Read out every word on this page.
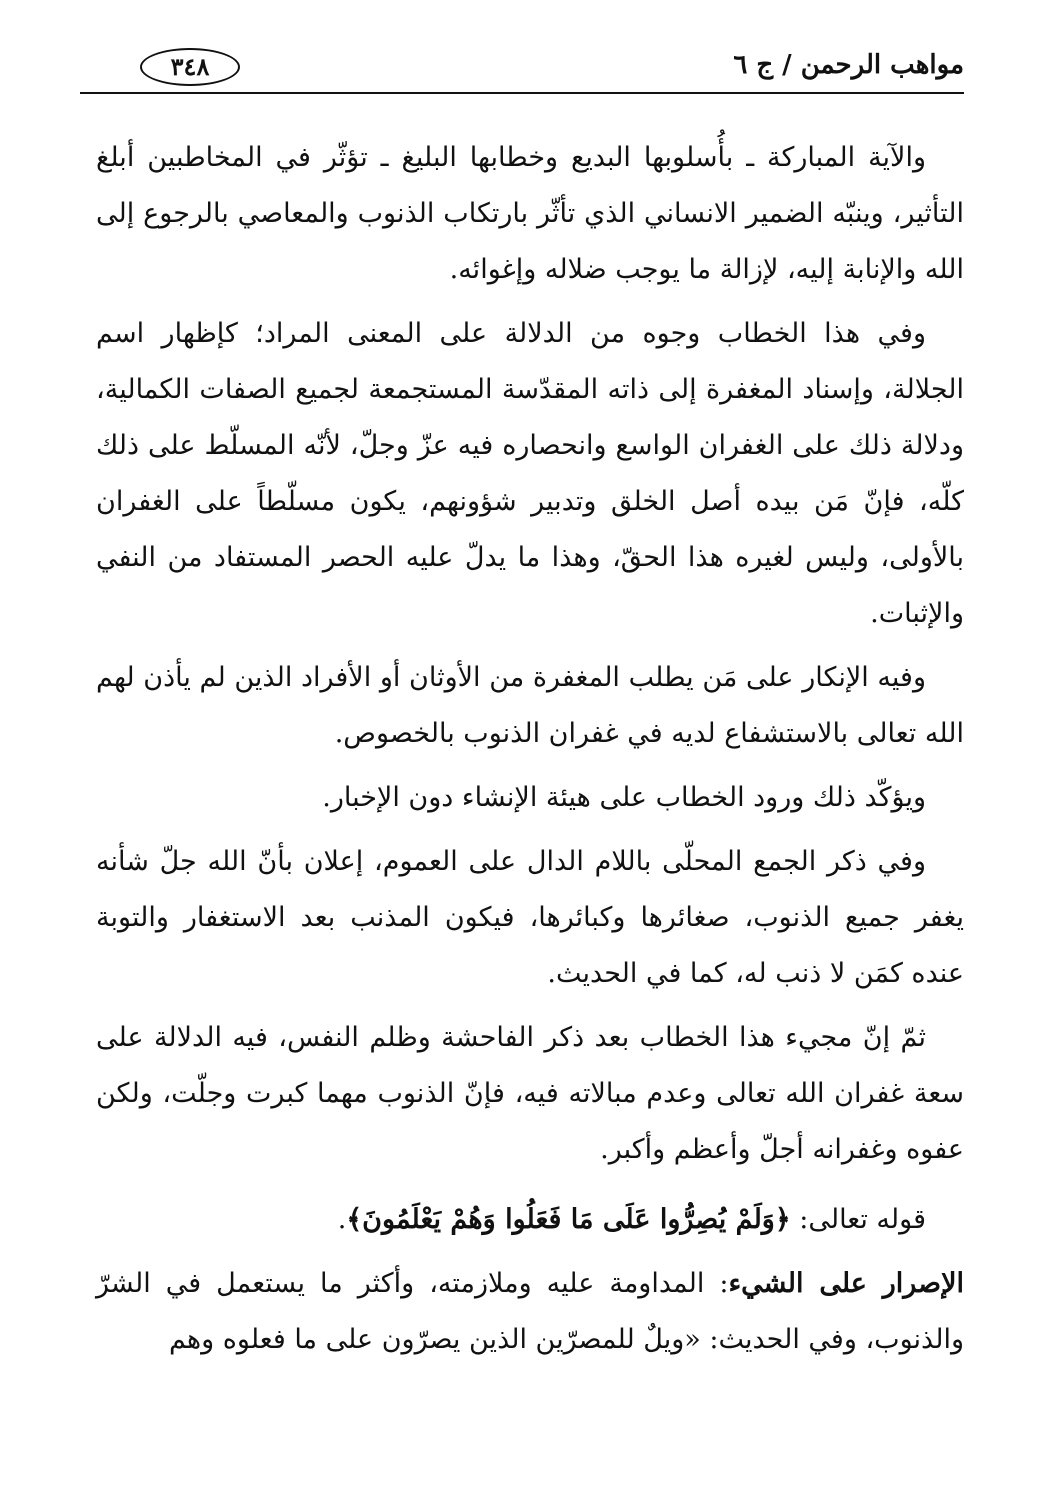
مواهب الرحمن / ج ٦
٣٤٨

والآية المباركة ـ بأُسلوبها البديع وخطابها البليغ ـ تؤثّر في المخاطبين أبلغ التأثير، وينبّه الضمير الانساني الذي تأثّر بارتكاب الذنوب والمعاصي بالرجوع إلى الله والإنابة إليه، لإزالة ما يوجب ضلاله وإغوائه.

وفي هذا الخطاب وجوه من الدلالة على المعنى المراد؛ كإظهار اسم الجلالة، وإسناد المغفرة إلى ذاته المقدّسة المستجمعة لجميع الصفات الكمالية، ودلالة ذلك على الغفران الواسع وانحصاره فيه عزّ وجلّ، لأنّه المسلّط على ذلك كلّه، فإنّ مَن بيده أصل الخلق وتدبير شؤونهم، يكون مسلّطاً على الغفران بالأولى، وليس لغيره هذا الحقّ، وهذا ما يدلّ عليه الحصر المستفاد من النفي والإثبات.

وفيه الإنكار على مَن يطلب المغفرة من الأوثان أو الأفراد الذين لم يأذن لهم الله تعالى بالاستشفاع لديه في غفران الذنوب بالخصوص.

ويؤكّد ذلك ورود الخطاب على هيئة الإنشاء دون الإخبار.

وفي ذكر الجمع المحلّى باللام الدال على العموم، إعلان بأنّ الله جلّ شأنه يغفر جميع الذنوب، صغائرها وكبائرها، فيكون المذنب بعد الاستغفار والتوبة عنده كمَن لا ذنب له، كما في الحديث.

ثمّ إنّ مجيء هذا الخطاب بعد ذكر الفاحشة وظلم النفس، فيه الدلالة على سعة غفران الله تعالى وعدم مبالاته فيه، فإنّ الذنوب مهما كبرت وجلّت، ولكن عفوه وغفرانه أجلّ وأعظم وأكبر.

قوله تعالى: ﴿وَلَمْ يُصِرُّوا عَلَى مَا فَعَلُوا وَهُمْ يَعْلَمُونَ﴾.

الإصرار على الشيء: المداومة عليه وملازمته، وأكثر ما يستعمل في الشرّ والذنوب، وفي الحديث: «ويلٌ للمصرّين الذين يصرّون على ما فعلوه وهم
